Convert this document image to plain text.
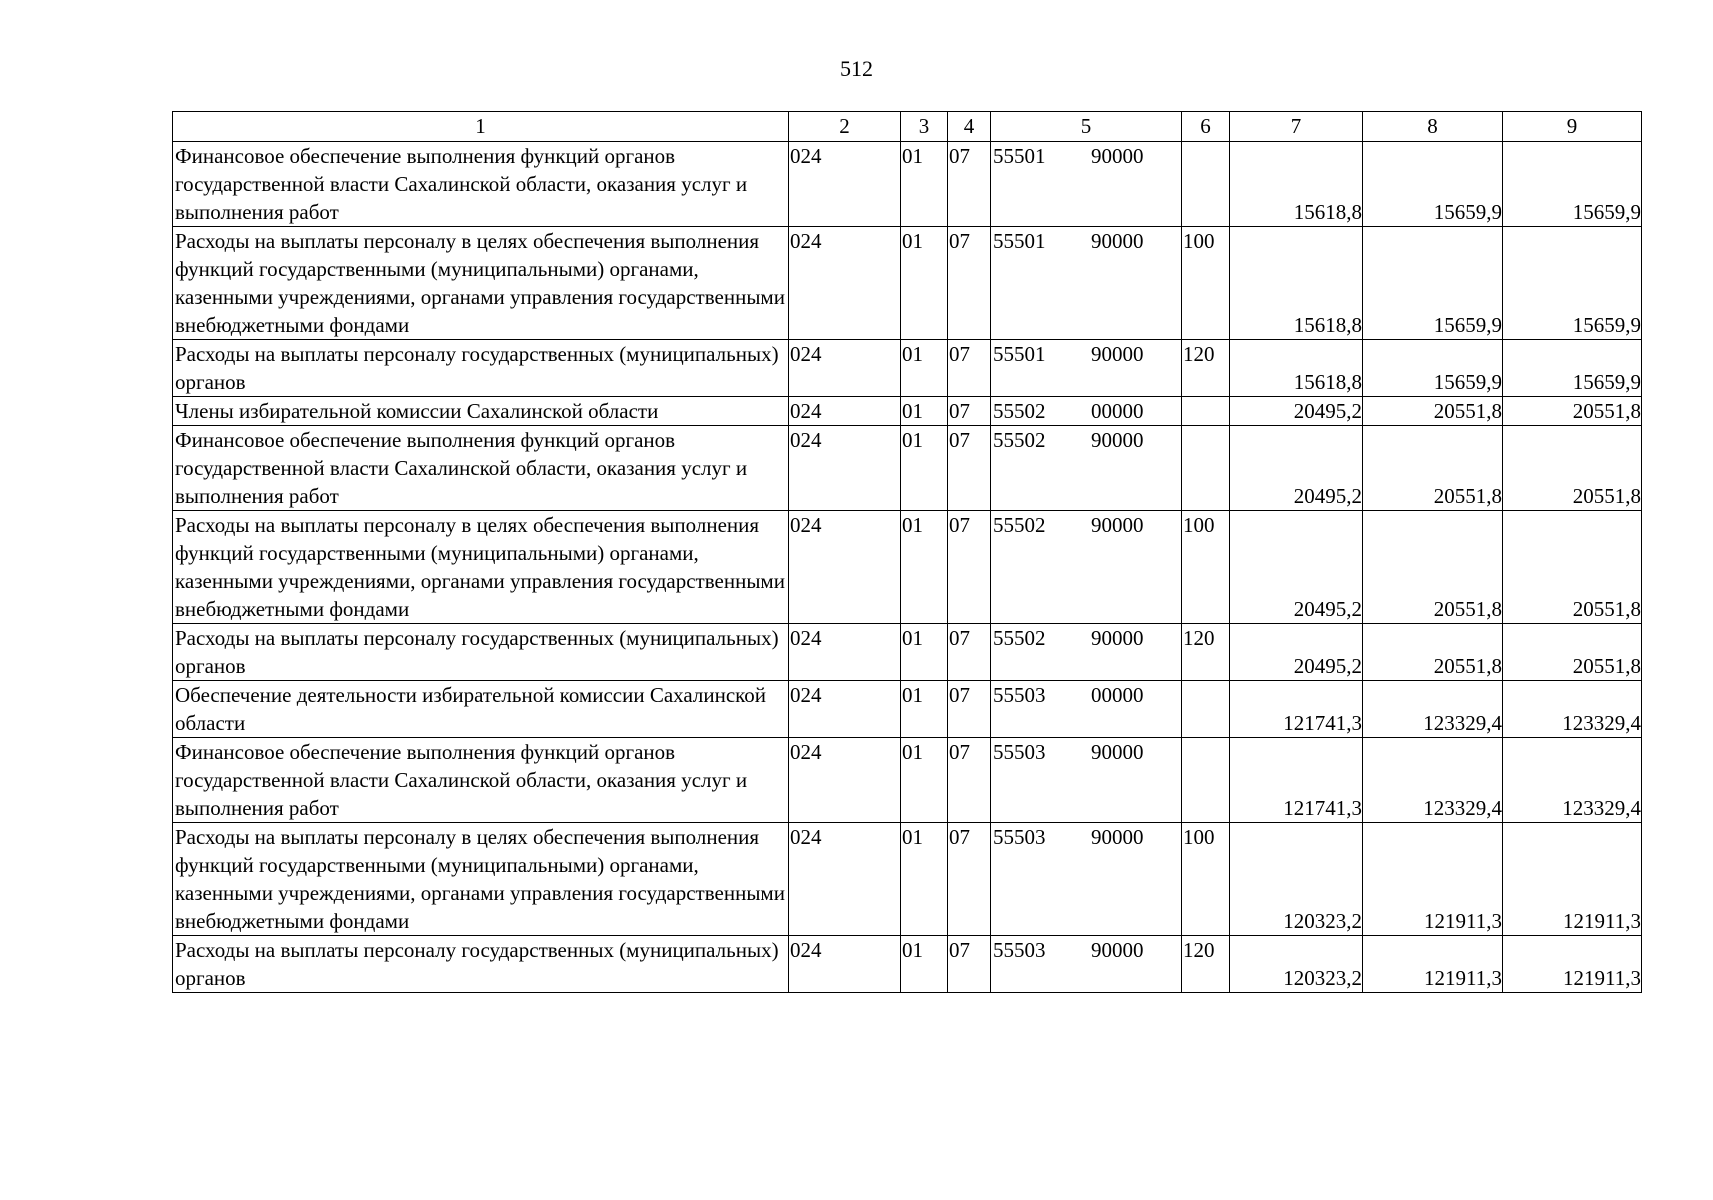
512
1	2	3	4	5	6	7	8	9
Финансовое обеспечение выполнения функций органов государственной власти Сахалинской области, оказания услуг и выполнения работ	024	01	07	55501 90000		15618,8	15659,9	15659,9
Расходы на выплаты персоналу в целях обеспечения выполнения функций государственными (муниципальными) органами, казенными учреждениями, органами управления государственными внебюджетными фондами	024	01	07	55501 90000	100	15618,8	15659,9	15659,9
Расходы на выплаты персоналу государственных (муниципальных) органов	024	01	07	55501 90000	120	15618,8	15659,9	15659,9
Члены избирательной комиссии Сахалинской области	024	01	07	55502 00000		20495,2	20551,8	20551,8
Финансовое обеспечение выполнения функций органов государственной власти Сахалинской области, оказания услуг и выполнения работ	024	01	07	55502 90000		20495,2	20551,8	20551,8
Расходы на выплаты персоналу в целях обеспечения выполнения функций государственными (муниципальными) органами, казенными учреждениями, органами управления государственными внебюджетными фондами	024	01	07	55502 90000	100	20495,2	20551,8	20551,8
Расходы на выплаты персоналу государственных (муниципальных) органов	024	01	07	55502 90000	120	20495,2	20551,8	20551,8
Обеспечение деятельности избирательной комиссии Сахалинской области	024	01	07	55503 00000		121741,3	123329,4	123329,4
Финансовое обеспечение выполнения функций органов государственной власти Сахалинской области, оказания услуг и выполнения работ	024	01	07	55503 90000		121741,3	123329,4	123329,4
Расходы на выплаты персоналу в целях обеспечения выполнения функций государственными (муниципальными) органами, казенными учреждениями, органами управления государственными внебюджетными фондами	024	01	07	55503 90000	100	120323,2	121911,3	121911,3
Расходы на выплаты персоналу государственных (муниципальных) органов	024	01	07	55503 90000	120	120323,2	121911,3	121911,3
